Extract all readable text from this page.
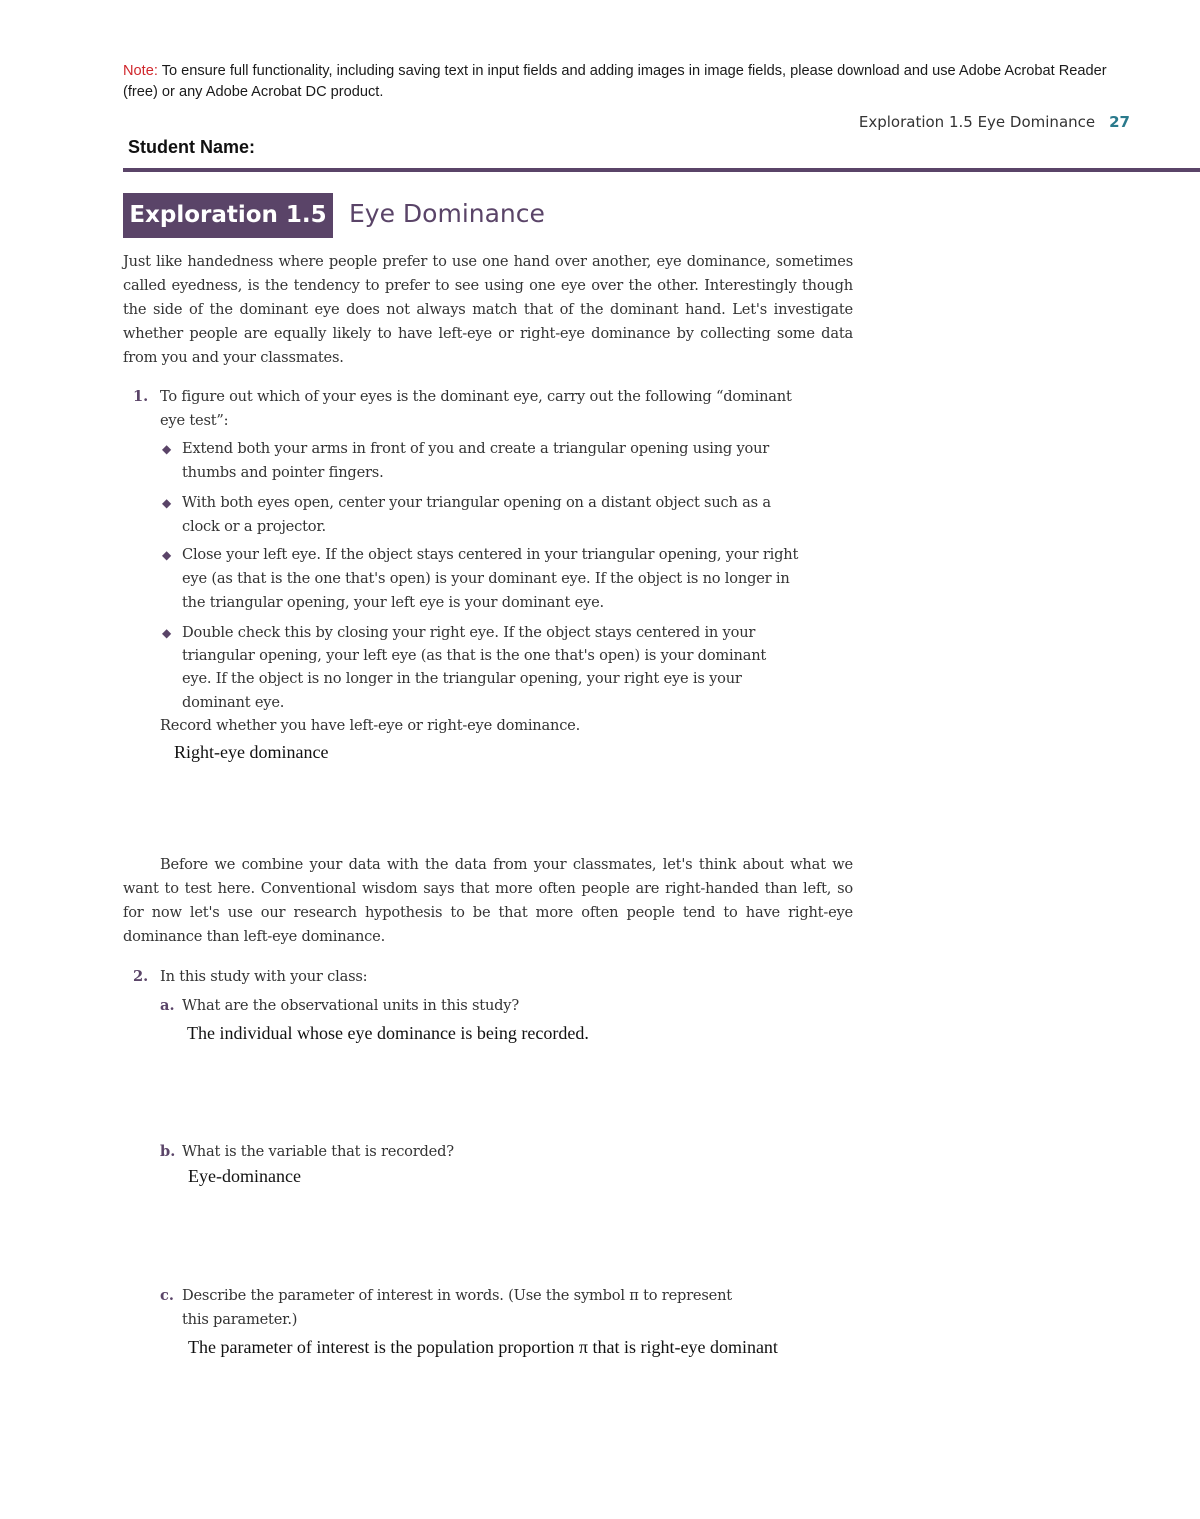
Note: To ensure full functionality, including saving text in input fields and adding images in image fields, please download and use Adobe Acrobat Reader (free) or any Adobe Acrobat DC product.
Exploration 1.5 Eye Dominance 27
Student Name:
Exploration 1.5 Eye Dominance
Just like handedness where people prefer to use one hand over another, eye dominance, sometimes called eyedness, is the tendency to prefer to see using one eye over the other. Interestingly though the side of the dominant eye does not always match that of the dominant hand. Let's investigate whether people are equally likely to have left-eye or right-eye dominance by collecting some data from you and your classmates.
1. To figure out which of your eyes is the dominant eye, carry out the following “dominant
eye test”:
◆ Extend both your arms in front of you and create a triangular opening using your
thumbs and pointer fingers.
◆ With both eyes open, center your triangular opening on a distant object such as a
clock or a projector.
◆ Close your left eye. If the object stays centered in your triangular opening, your right
eye (as that is the one that's open) is your dominant eye. If the object is no longer in
the triangular opening, your left eye is your dominant eye.
◆ Double check this by closing your right eye. If the object stays centered in your
triangular opening, your left eye (as that is the one that's open) is your dominant
eye. If the object is no longer in the triangular opening, your right eye is your
dominant eye.
Record whether you have left-eye or right-eye dominance.
Right-eye dominance
Before we combine your data with the data from your classmates, let's think about what we want to test here. Conventional wisdom says that more often people are right-handed than left, so for now let's use our research hypothesis to be that more often people tend to have right-eye dominance than left-eye dominance.
2. In this study with your class:
a. What are the observational units in this study?
The individual whose eye dominance is being recorded.
b. What is the variable that is recorded?
Eye-dominance
c. Describe the parameter of interest in words. (Use the symbol π to represent
this parameter.)
The parameter of interest is the population proportion π that is right-eye dominant
